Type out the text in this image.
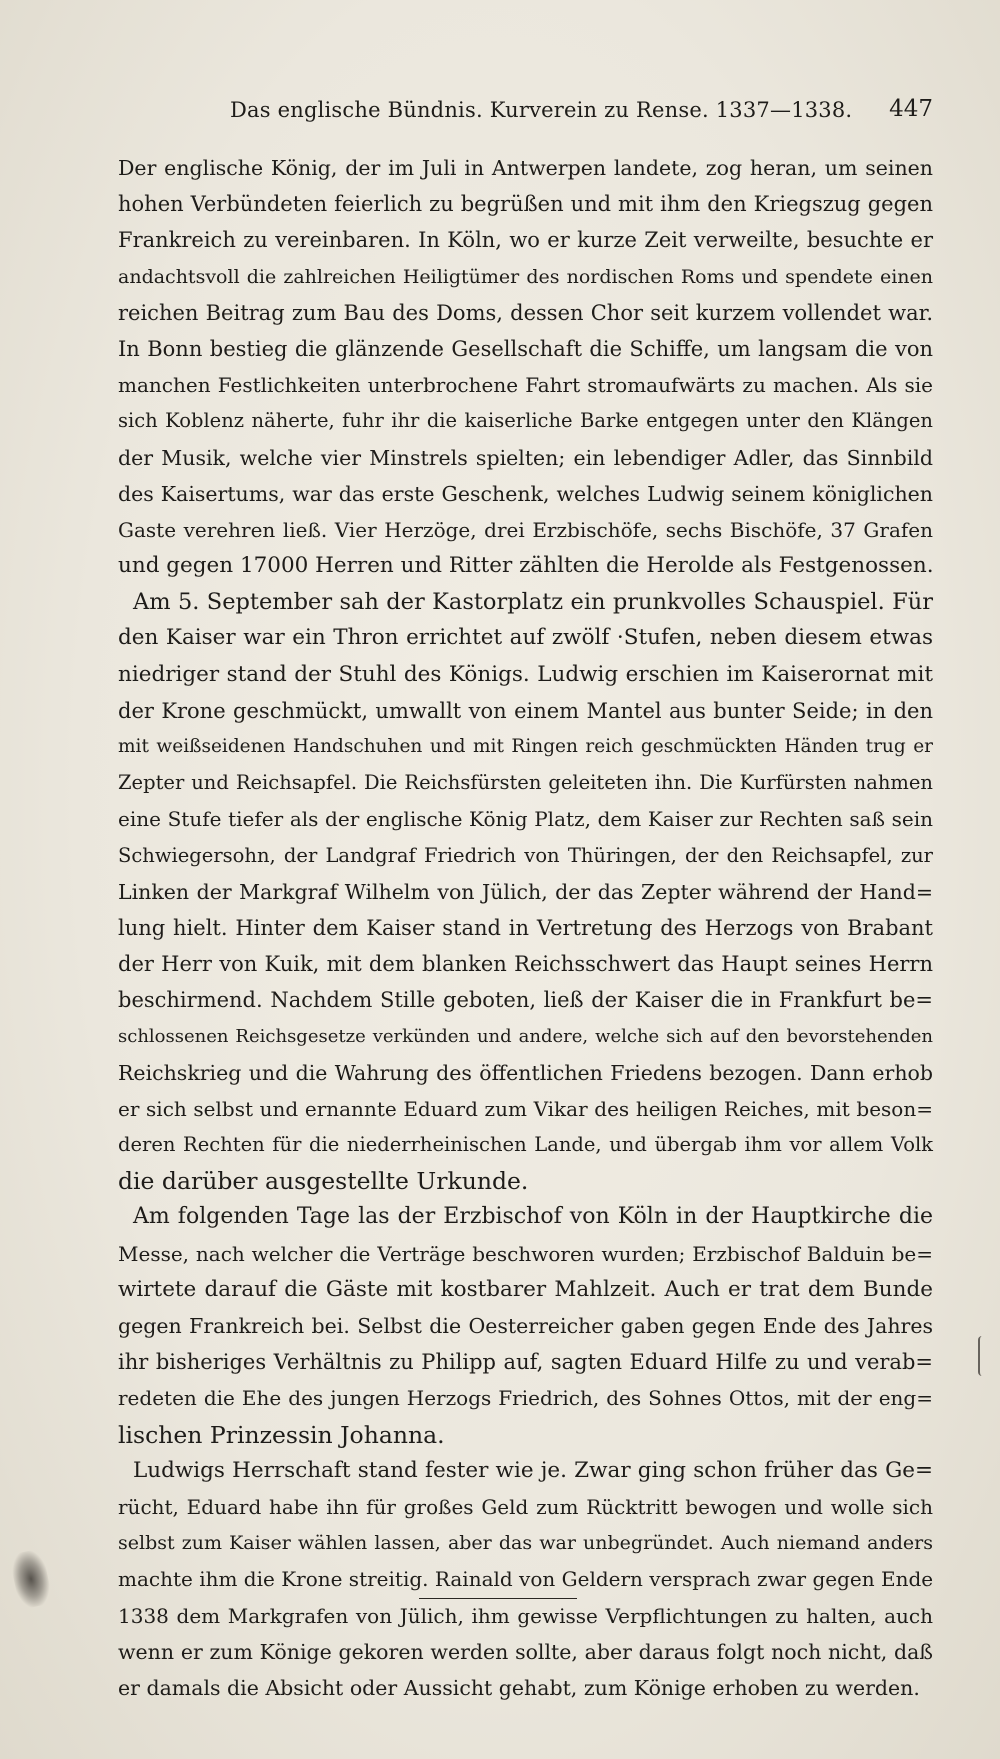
Das englische Bündnis. Kurverein zu Rense. 1337—1338. 447
Der englische König, der im Juli in Antwerpen landete, zog heran, um seinen
hohen Verbündeten feierlich zu begrüßen und mit ihm den Kriegszug gegen
Frankreich zu vereinbaren. In Köln, wo er kurze Zeit verweilte, besuchte er
andachtsvoll die zahlreichen Heiligtümer des nordischen Roms und spendete einen
reichen Beitrag zum Bau des Doms, dessen Chor seit kurzem vollendet war.
In Bonn bestieg die glänzende Gesellschaft die Schiffe, um langsam die von
manchen Festlichkeiten unterbrochene Fahrt stromaufwärts zu machen. Als sie
sich Koblenz näherte, fuhr ihr die kaiserliche Barke entgegen unter den Klängen
der Musik, welche vier Minstrels spielten; ein lebendiger Adler, das Sinnbild
des Kaisertums, war das erste Geschenk, welches Ludwig seinem königlichen
Gaste verehren ließ. Vier Herzöge, drei Erzbischöfe, sechs Bischöfe, 37 Grafen
und gegen 17000 Herren und Ritter zählten die Herolde als Festgenossen.
Am 5. September sah der Kastorplatz ein prunkvolles Schauspiel. Für
den Kaiser war ein Thron errichtet auf zwölf ·Stufen, neben diesem etwas
niedriger stand der Stuhl des Königs. Ludwig erschien im Kaiserornat mit
der Krone geschmückt, umwallt von einem Mantel aus bunter Seide; in den
mit weißseidenen Handschuhen und mit Ringen reich geschmückten Händen trug er
Zepter und Reichsapfel. Die Reichsfürsten geleiteten ihn. Die Kurfürsten nahmen
eine Stufe tiefer als der englische König Platz, dem Kaiser zur Rechten saß sein
Schwiegersohn, der Landgraf Friedrich von Thüringen, der den Reichsapfel, zur
Linken der Markgraf Wilhelm von Jülich, der das Zepter während der Hand=
lung hielt. Hinter dem Kaiser stand in Vertretung des Herzogs von Brabant
der Herr von Kuik, mit dem blanken Reichsschwert das Haupt seines Herrn
beschirmend. Nachdem Stille geboten, ließ der Kaiser die in Frankfurt be=
schlossenen Reichsgesetze verkünden und andere, welche sich auf den bevorstehenden
Reichskrieg und die Wahrung des öffentlichen Friedens bezogen. Dann erhob
er sich selbst und ernannte Eduard zum Vikar des heiligen Reiches, mit beson=
deren Rechten für die niederrheinischen Lande, und übergab ihm vor allem Volk
die darüber ausgestellte Urkunde.
Am folgenden Tage las der Erzbischof von Köln in der Hauptkirche die
Messe, nach welcher die Verträge beschworen wurden; Erzbischof Balduin be=
wirtete darauf die Gäste mit kostbarer Mahlzeit. Auch er trat dem Bunde
gegen Frankreich bei. Selbst die Oesterreicher gaben gegen Ende des Jahres
ihr bisheriges Verhältnis zu Philipp auf, sagten Eduard Hilfe zu und verab=
redeten die Ehe des jungen Herzogs Friedrich, des Sohnes Ottos, mit der eng=
lischen Prinzessin Johanna.
Ludwigs Herrschaft stand fester wie je. Zwar ging schon früher das Ge=
rücht, Eduard habe ihn für großes Geld zum Rücktritt bewogen und wolle sich
selbst zum Kaiser wählen lassen, aber das war unbegründet. Auch niemand anders
machte ihm die Krone streitig. Rainald von Geldern versprach zwar gegen Ende
1338 dem Markgrafen von Jülich, ihm gewisse Verpflichtungen zu halten, auch
wenn er zum Könige gekoren werden sollte, aber daraus folgt noch nicht, daß
er damals die Absicht oder Aussicht gehabt, zum Könige erhoben zu werden.
